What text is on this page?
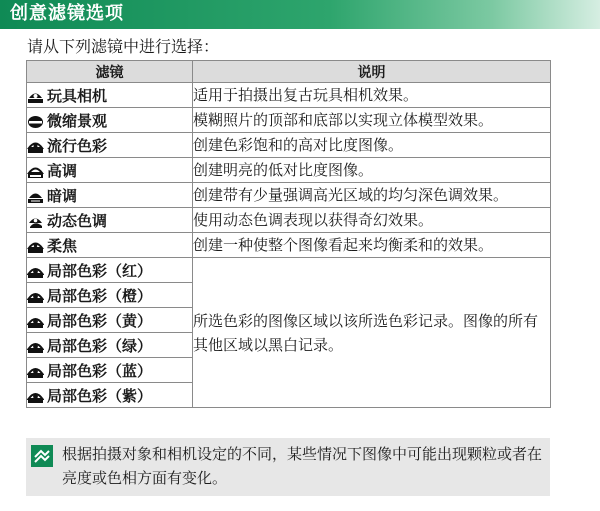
创意滤镜选项
请从下列滤镜中进行选择：
滤镜	说明
玩具相机	适用于拍摄出复古玩具相机效果。
微缩景观	模糊照片的顶部和底部以实现立体模型效果。
流行色彩	创建色彩饱和的高对比度图像。
高调	创建明亮的低对比度图像。
暗调	创建带有少量强调高光区域的均匀深色调效果。
动态色调	使用动态色调表现以获得奇幻效果。
柔焦	创建一种使整个图像看起来均衡柔和的效果。
局部色彩（红）	所选色彩的图像区域以该所选色彩记录。图像的所有其他区域以黑白记录。
局部色彩（橙）	
局部色彩（黄）	
局部色彩（绿）	
局部色彩（蓝）	
局部色彩（紫）	
根据拍摄对象和相机设定的不同，某些情况下图像中可能出现颗粒或者在亮度或色相方面有变化。
